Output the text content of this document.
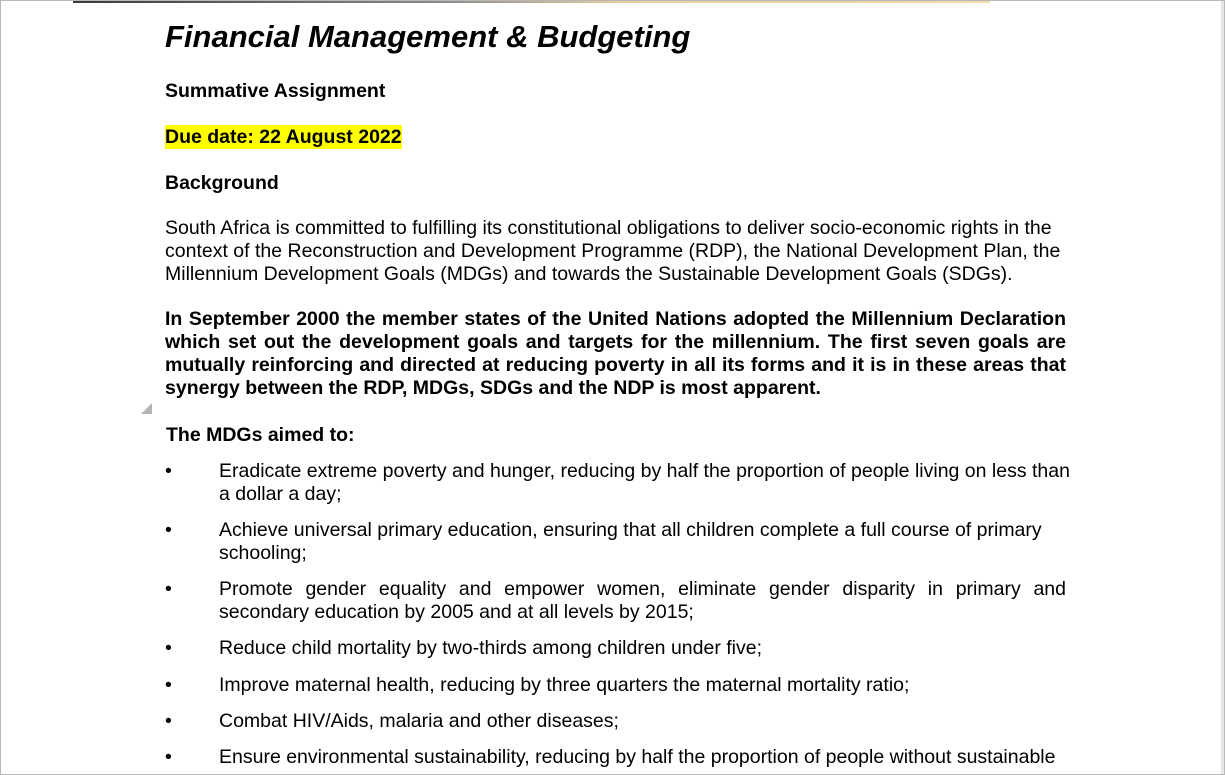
Financial Management & Budgeting
Summative Assignment
Due date: 22 August 2022
Background
South Africa is committed to fulfilling its constitutional obligations to deliver socio-economic rights in the
context of the Reconstruction and Development Programme (RDP), the National Development Plan, the
Millennium Development Goals (MDGs) and towards the Sustainable Development Goals (SDGs).
In September 2000 the member states of the United Nations adopted the Millennium Declaration
which set out the development goals and targets for the millennium. The first seven goals are
mutually reinforcing and directed at reducing poverty in all its forms and it is in these areas that
synergy between the RDP, MDGs, SDGs and the NDP is most apparent.
The MDGs aimed to:
•	Eradicate extreme poverty and hunger, reducing by half the proportion of people living on less than
a dollar a day;
•	Achieve universal primary education, ensuring that all children complete a full course of primary
schooling;
•	Promote gender equality and empower women, eliminate gender disparity in primary and
secondary education by 2005 and at all levels by 2015;
•	Reduce child mortality by two-thirds among children under five;
•	Improve maternal health, reducing by three quarters the maternal mortality ratio;
•	Combat HIV/Aids, malaria and other diseases;
•	Ensure environmental sustainability, reducing by half the proportion of people without sustainable
